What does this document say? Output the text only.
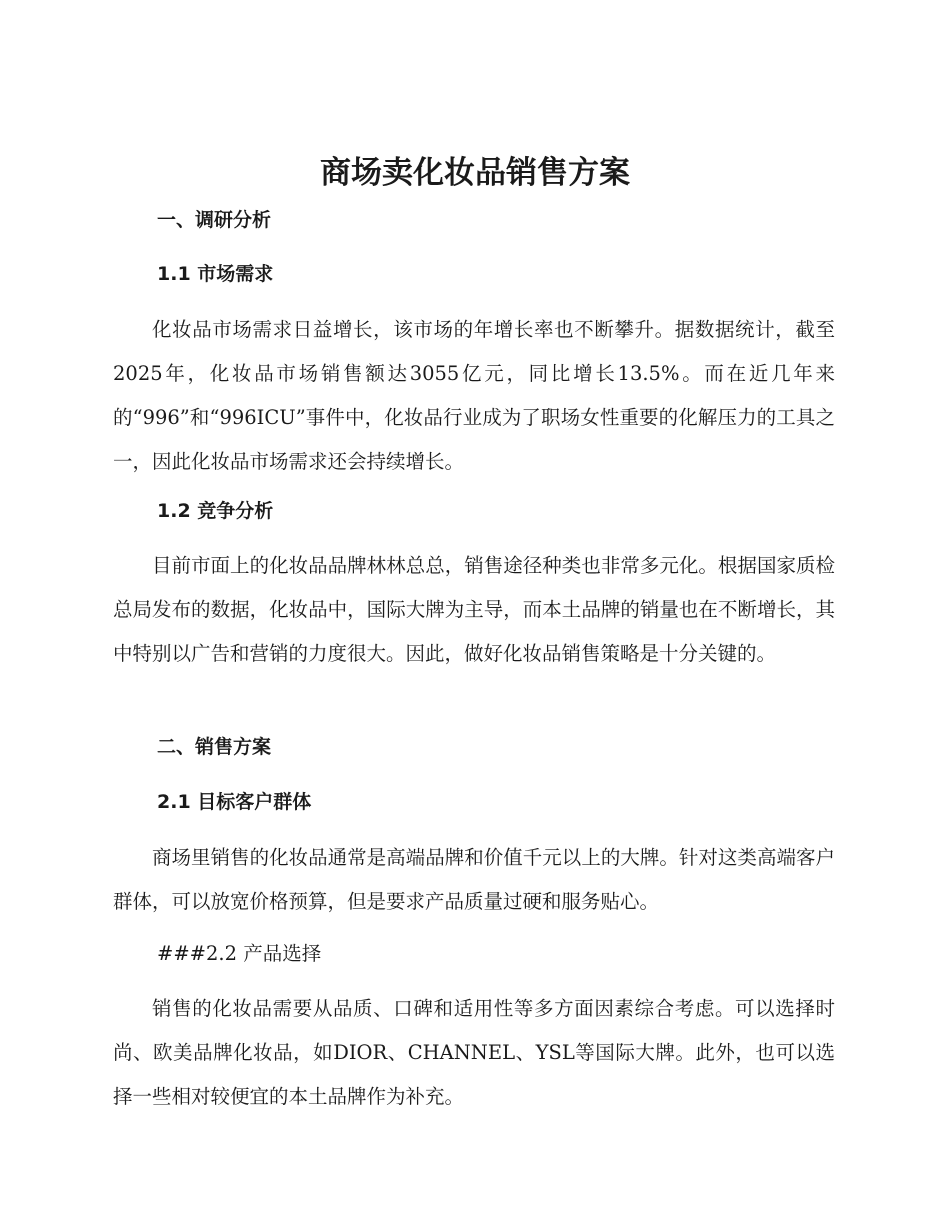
商场卖化妆品销售方案
一、调研分析
1.1 市场需求

化妆品市场需求日益增长，该市场的年增长率也不断攀升。据数据统计，截至2025年，化妆品市场销售额达3055亿元，同比增长13.5%。而在近几年来的“996”和“996ICU”事件中，化妆品行业成为了职场女性重要的化解压力的工具之一，因此化妆品市场需求还会持续增长。

1.2 竞争分析

目前市面上的化妆品品牌林林总总，销售途径种类也非常多元化。根据国家质检总局发布的数据，化妆品中，国际大牌为主导，而本土品牌的销量也在不断增长，其中特别以广告和营销的力度很大。因此，做好化妆品销售策略是十分关键的。

二、销售方案
2.1 目标客户群体

商场里销售的化妆品通常是高端品牌和价值千元以上的大牌。针对这类高端客户群体，可以放宽价格预算，但是要求产品质量过硬和服务贴心。

###2.2 产品选择

销售的化妆品需要从品质、口碑和适用性等多方面因素综合考虑。可以选择时尚、欧美品牌化妆品，如DIOR、CHANNEL、YSL等国际大牌。此外，也可以选择一些相对较便宜的本土品牌作为补充。
